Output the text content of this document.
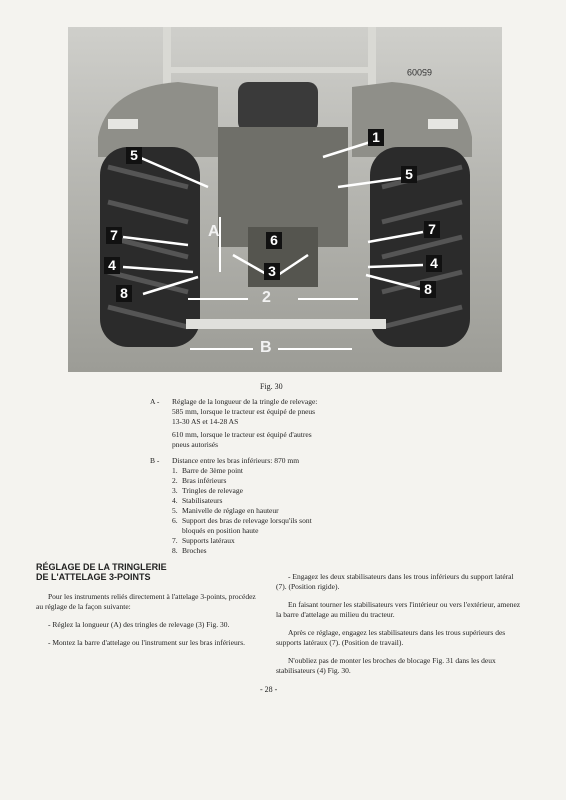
65009
1
2
3
4	4
5
5
6
7	7
8	8
A
B
Fig. 30
A -	Réglage de la longueur de la tringle de relevage:
585 mm, lorsque le tracteur est équipé de pneus
13-30 AS et 14-28 AS
610 mm, lorsque le tracteur est équipé d'autres
pneus autorisés
B -	Distance entre les bras inférieurs: 870 mm
1. Barre de 3ème point
2. Bras inférieurs
3. Tringles de relevage
4. Stabilisateurs
5. Manivelle de réglage en hauteur
6. Support des bras de relevage lorsqu'ils sont
bloqués en position haute
7. Supports latéraux
8. Broches
RÉGLAGE DE LA TRINGLERIE
DE L'ATTELAGE 3-POINTS

Pour les instruments reliés directement à l'attelage 3-points, procédez au réglage de la façon suivante:

- Réglez la longueur (A) des tringles de relevage (3) Fig. 30.

- Montez la barre d'attelage ou l'instrument sur les bras inférieurs.

- Engagez les deux stabilisateurs dans les trous inférieurs du support latéral (7). (Position rigide).

En faisant tourner les stabilisateurs vers l'intérieur ou vers l'extérieur, amenez la barre d'attelage au milieu du tracteur.

Après ce réglage, engagez les stabilisateurs dans les trous supérieurs des supports latéraux (7). (Position de travail).

N'oubliez pas de monter les broches de blocage Fig. 31 dans les deux stabilisateurs (4) Fig. 30.

- 28 -
